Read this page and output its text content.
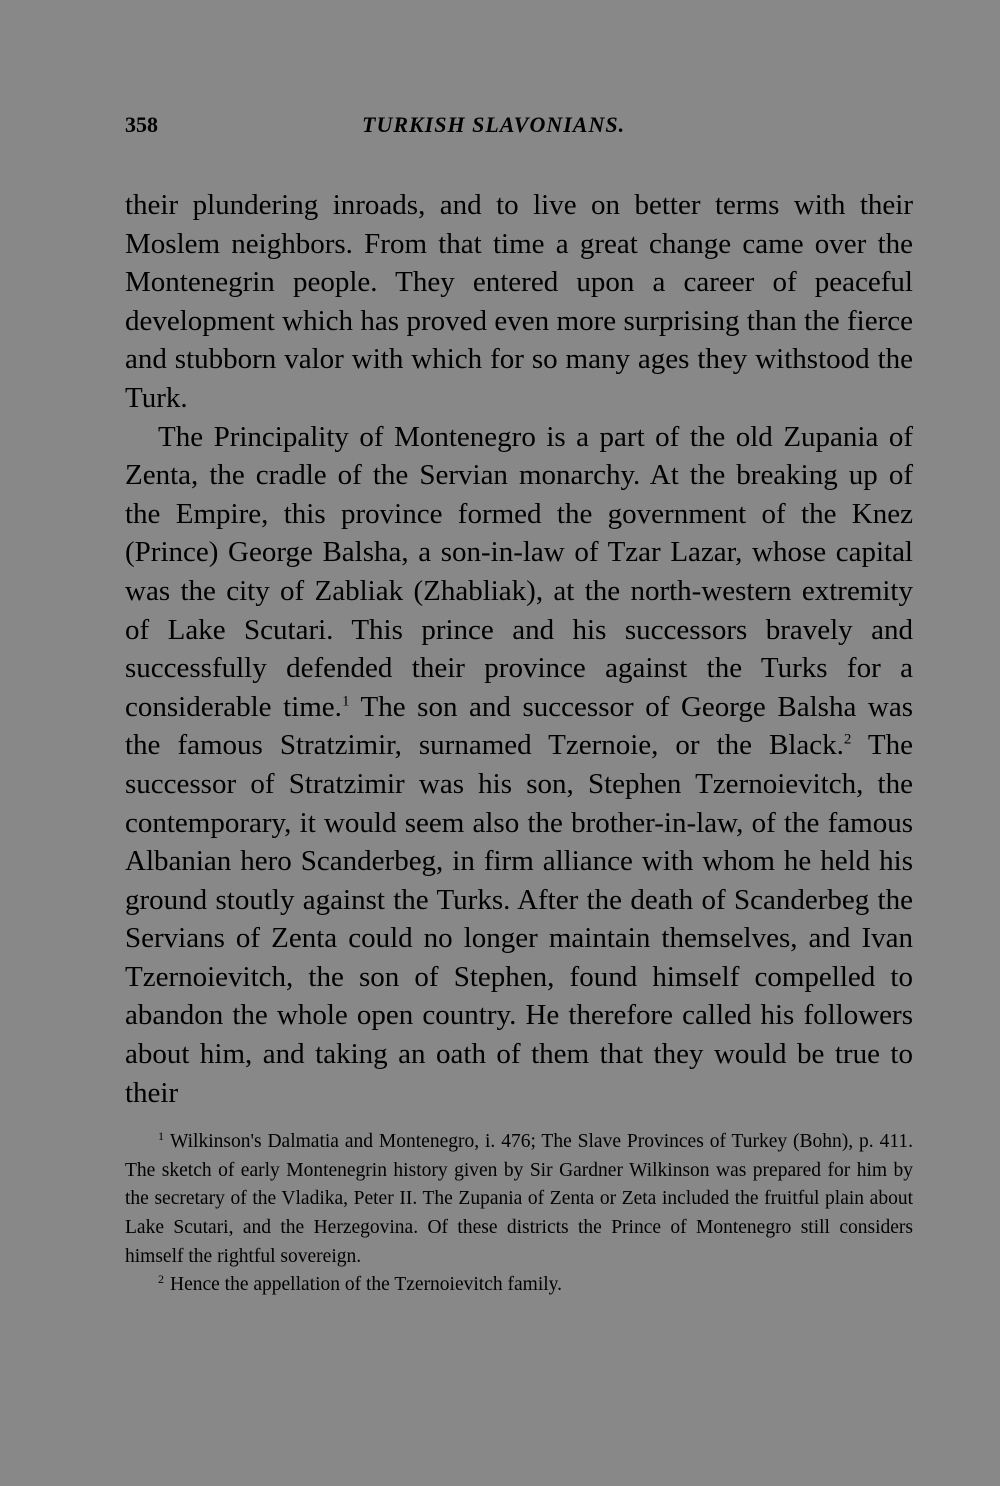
358	TURKISH SLAVONIANS.

their plundering inroads, and to live on better terms with their Moslem neighbors. From that time a great change came over the Montenegrin people. They entered upon a career of peaceful development which has proved even more surprising than the fierce and stubborn valor with which for so many ages they withstood the Turk.

The Principality of Montenegro is a part of the old Zupania of Zenta, the cradle of the Servian monarchy. At the breaking up of the Empire, this province formed the government of the Knez (Prince) George Balsha, a son-in-law of Tzar Lazar, whose capital was the city of Zabliak (Zhabliak), at the north-western extremity of Lake Scutari. This prince and his successors bravely and successfully defended their province against the Turks for a considerable time.$^1$ The son and successor of George Balsha was the famous Stratzimir, surnamed Tzernoie, or the Black.$^2$ The successor of Stratzimir was his son, Stephen Tzernoievitch, the contemporary, it would seem also the brother-in-law, of the famous Albanian hero Scanderbeg, in firm alliance with whom he held his ground stoutly against the Turks. After the death of Scanderbeg the Servians of Zenta could no longer maintain themselves, and Ivan Tzernoievitch, the son of Stephen, found himself compelled to abandon the whole open country. He therefore called his followers about him, and taking an oath of them that they would be true to their

$^1$ Wilkinson's Dalmatia and Montenegro, i. 476; The Slave Provinces of Turkey (Bohn), p. 411. The sketch of early Montenegrin history given by Sir Gardner Wilkinson was prepared for him by the secretary of the Vladika, Peter II. The Zupania of Zenta or Zeta included the fruitful plain about Lake Scutari, and the Herzegovina. Of these districts the Prince of Montenegro still considers himself the rightful sovereign.

$^2$ Hence the appellation of the Tzernoievitch family.
